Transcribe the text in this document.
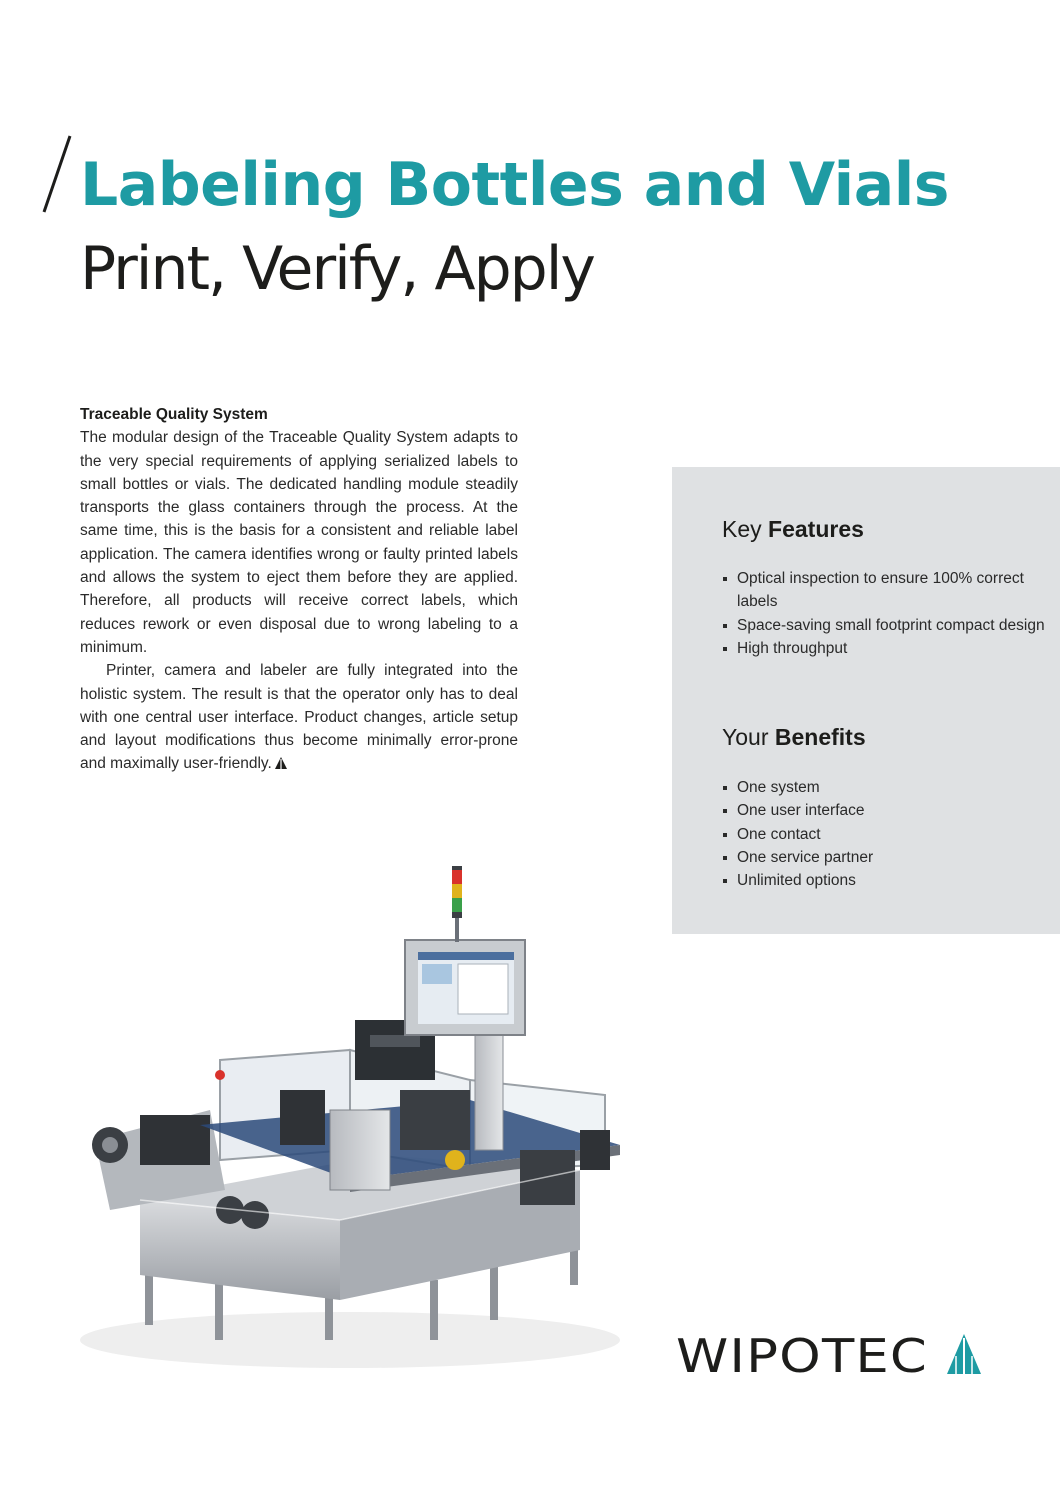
Labeling Bottles and Vials
Print, Verify, Apply
Traceable Quality System

The modular design of the Traceable Quality System adapts to the very special requirements of applying serialized labels to small bottles or vials. The dedicated handling module steadily transports the glass containers through the process. At the same time, this is the basis for a consistent and reliable label application. The camera identifies wrong or faulty printed labels and allows the system to eject them before they are applied. Therefore, all products will receive correct labels, which reduces rework or even disposal due to wrong labeling to a minimum.

Printer, camera and labeler are fully integrated into the holistic system. The result is that the operator only has to deal with one central user interface. Product changes, article setup and layout modifications thus become minimally error-prone and maximally user-friendly.

Key Features
Optical inspection to ensure 100% correct labels
Space-saving small footprint compact design
High throughput
Your Benefits
One system
One user interface
One contact
One service partner
Unlimited options
WIPOTEC
